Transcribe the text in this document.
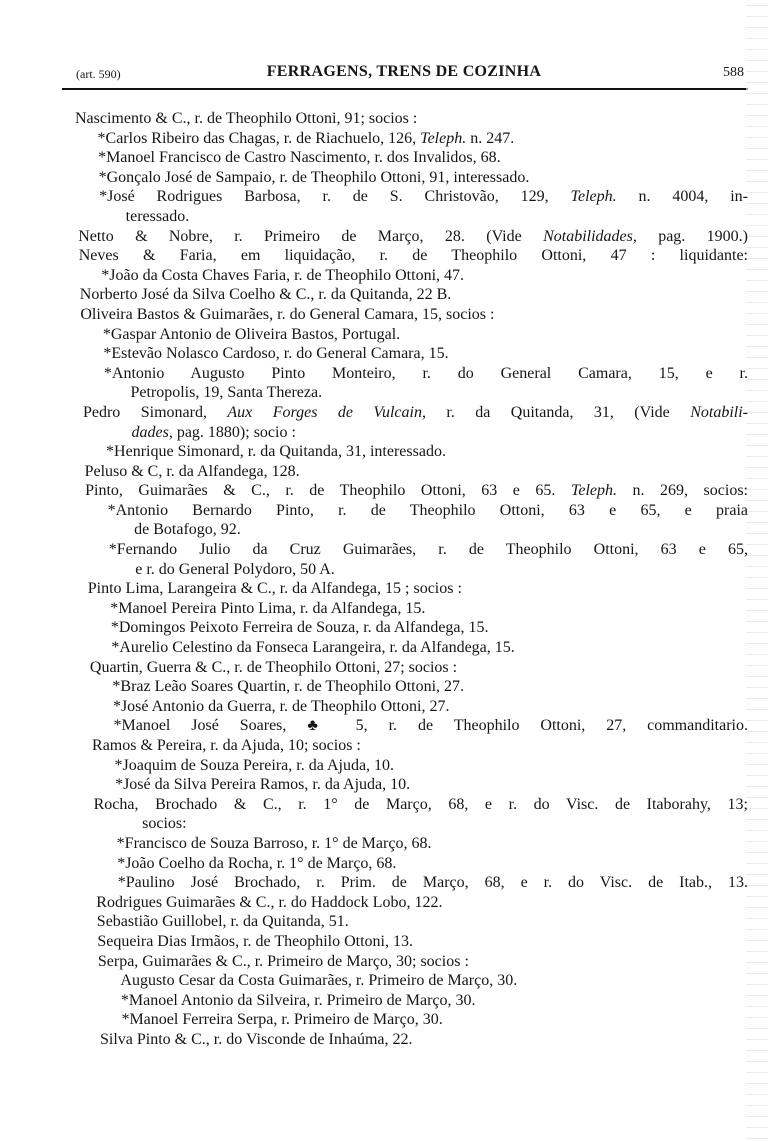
(art. 590)	FERRAGENS, TRENS DE COZINHA	588
Nascimento & C., r. de Theophilo Ottoni, 91; socios :
*Carlos Ribeiro das Chagas, r. de Riachuelo, 126, Teleph. n. 247.
*Manoel Francisco de Castro Nascimento, r. dos Invalidos, 68.
*Gonçalo José de Sampaio, r. de Theophilo Ottoni, 91, interessado.
*José Rodrigues Barbosa, r. de S. Christovão, 129, Teleph. n. 4004, in-
teressado.
Netto & Nobre, r. Primeiro de Março, 28. (Vide Notabilidades, pag. 1900.)
Neves & Faria, em liquidação, r. de Theophilo Ottoni, 47 : liquidante:
*João da Costa Chaves Faria, r. de Theophilo Ottoni, 47.
Norberto José da Silva Coelho & C., r. da Quitanda, 22 B.
Oliveira Bastos & Guimarães, r. do General Camara, 15, socios :
*Gaspar Antonio de Oliveira Bastos, Portugal.
*Estevão Nolasco Cardoso, r. do General Camara, 15.
*Antonio Augusto Pinto Monteiro, r. do General Camara, 15, e r.
Petropolis, 19, Santa Thereza.
Pedro Simonard, Aux Forges de Vulcain, r. da Quitanda, 31, (Vide Notabili-
dades, pag. 1880); socio :
*Henrique Simonard, r. da Quitanda, 31, interessado.
Peluso & C, r. da Alfandega, 128.
Pinto, Guimarães & C., r. de Theophilo Ottoni, 63 e 65. Teleph. n. 269, socios:
*Antonio Bernardo Pinto, r. de Theophilo Ottoni, 63 e 65, e praia
de Botafogo, 92.
*Fernando Julio da Cruz Guimarães, r. de Theophilo Ottoni, 63 e 65,
e r. do General Polydoro, 50 A.
Pinto Lima, Larangeira & C., r. da Alfandega, 15 ; socios :
*Manoel Pereira Pinto Lima, r. da Alfandega, 15.
*Domingos Peixoto Ferreira de Souza, r. da Alfandega, 15.
*Aurelio Celestino da Fonseca Larangeira, r. da Alfandega, 15.
Quartin, Guerra & C., r. de Theophilo Ottoni, 27; socios :
*Braz Leão Soares Quartin, r. de Theophilo Ottoni, 27.
*José Antonio da Guerra, r. de Theophilo Ottoni, 27.
*Manoel José Soares, ♣ 5, r. de Theophilo Ottoni, 27, commanditario.
Ramos & Pereira, r. da Ajuda, 10; socios :
*Joaquim de Souza Pereira, r. da Ajuda, 10.
*José da Silva Pereira Ramos, r. da Ajuda, 10.
Rocha, Brochado & C., r. 1° de Março, 68, e r. do Visc. de Itaborahy, 13;
socios:
*Francisco de Souza Barroso, r. 1° de Março, 68.
*João Coelho da Rocha, r. 1° de Março, 68.
*Paulino José Brochado, r. Prim. de Março, 68, e r. do Visc. de Itab., 13.
Rodrigues Guimarães & C., r. do Haddock Lobo, 122.
Sebastião Guillobel, r. da Quitanda, 51.
Sequeira Dias Irmãos, r. de Theophilo Ottoni, 13.
Serpa, Guimarães & C., r. Primeiro de Março, 30; socios :
Augusto Cesar da Costa Guimarães, r. Primeiro de Março, 30.
*Manoel Antonio da Silveira, r. Primeiro de Março, 30.
*Manoel Ferreira Serpa, r. Primeiro de Março, 30.
Silva Pinto & C., r. do Visconde de Inhaúma, 22.
